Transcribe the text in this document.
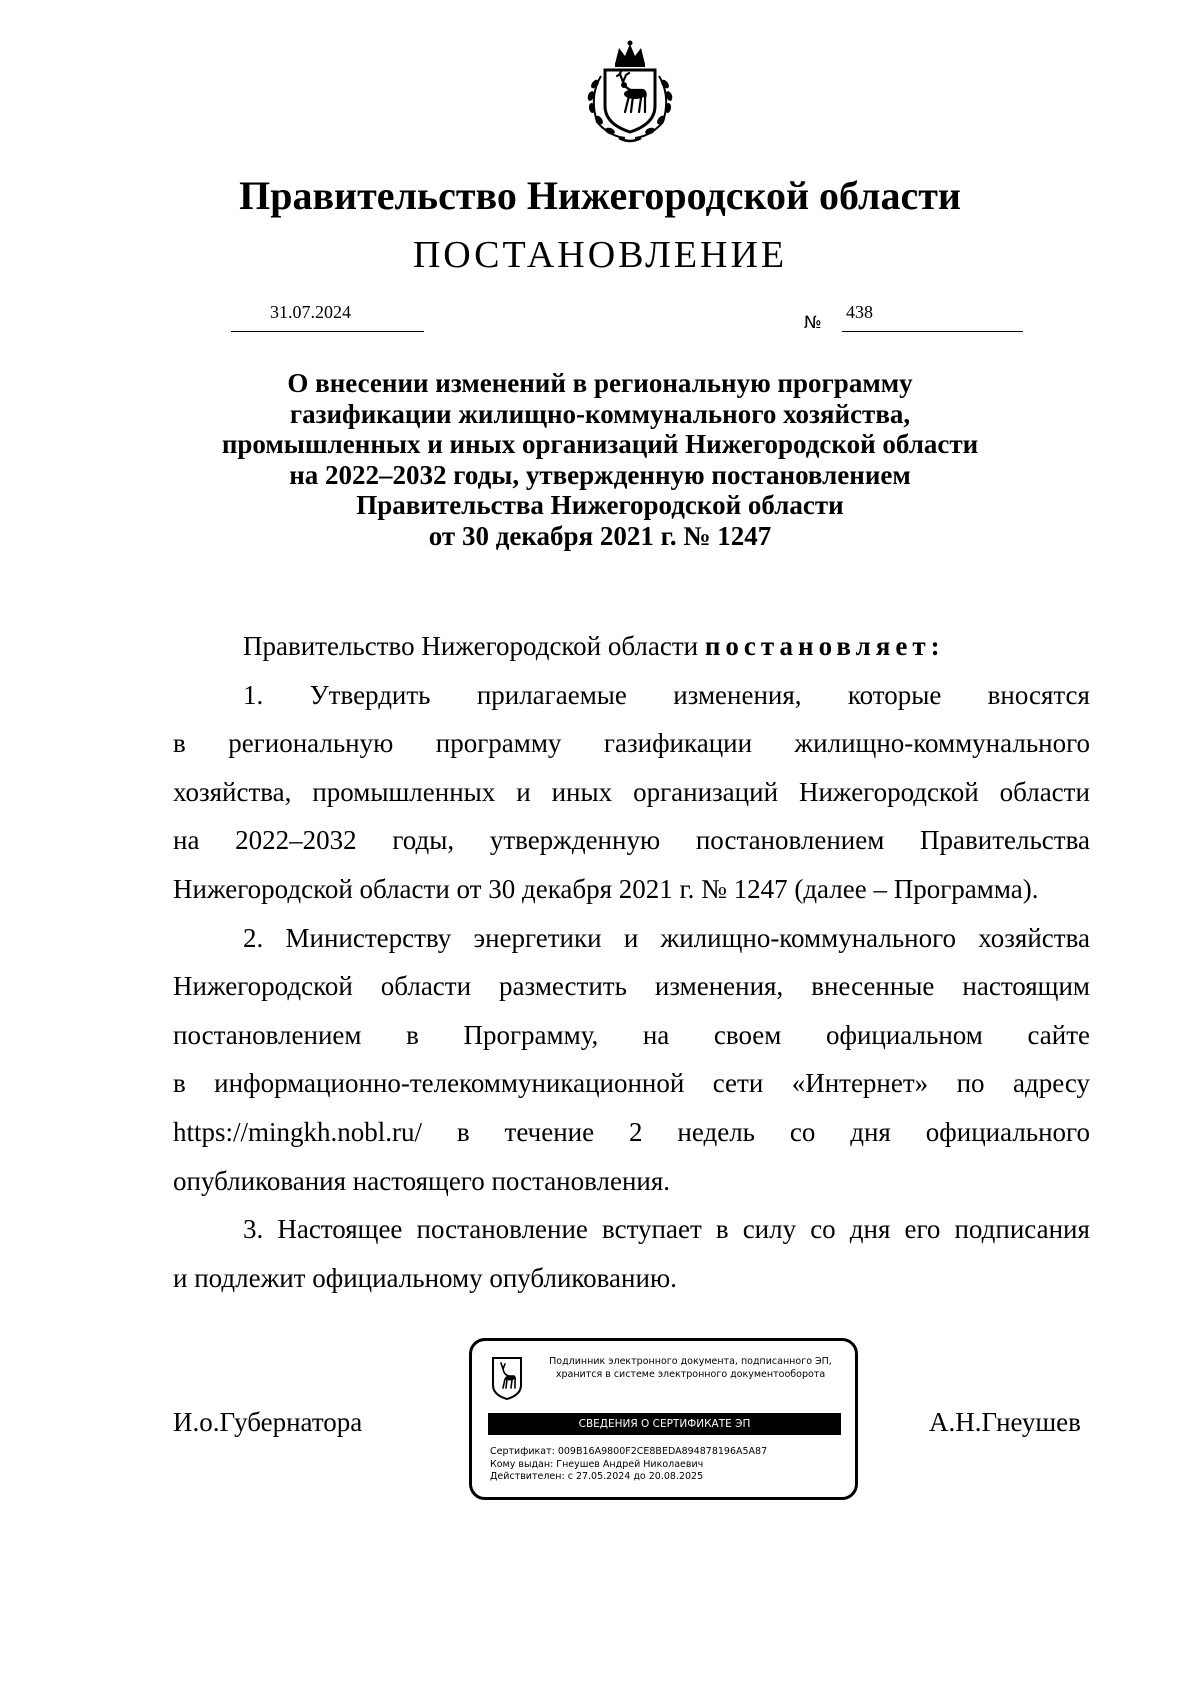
Правительство Нижегородской области
ПОСТАНОВЛЕНИЕ
31.07.2024
№
438
О внесении изменений в региональную программу
газификации жилищно-коммунального хозяйства,
промышленных и иных организаций Нижегородской области
на 2022–2032 годы, утвержденную постановлением
Правительства Нижегородской области
от 30 декабря 2021 г. № 1247
Правительство Нижегородской области
постановляет:
1. Утвердить прилагаемые изменения, которые вносятся
в региональную программу газификации жилищно-коммунального
хозяйства, промышленных и иных организаций Нижегородской области
на 2022–2032 годы, утвержденную постановлением Правительства
Нижегородской области от 30 декабря 2021 г. № 1247 (далее – Программа).
2. Министерству энергетики и жилищно-коммунального хозяйства
Нижегородской области разместить изменения, внесенные настоящим
постановлением в Программу, на своем официальном сайте
в информационно-телекоммуникационной сети «Интернет» по адресу
https://mingkh.nobl.ru/ в течение 2 недель со дня официального
опубликования настоящего постановления.
3. Настоящее постановление вступает в силу со дня его подписания
и подлежит официальному опубликованию.
И.о.Губернатора	А.Н.Гнеушев
Подлинник электронного документа, подписанного ЭП,
хранится в системе электронного документооборота
СВЕДЕНИЯ О СЕРТИФИКАТЕ ЭП
Сертификат: 009B16A9800F2CE8BEDA894878196A5A87
Кому выдан: Гнеушев Андрей Николаевич
Действителен: с 27.05.2024 до 20.08.2025
